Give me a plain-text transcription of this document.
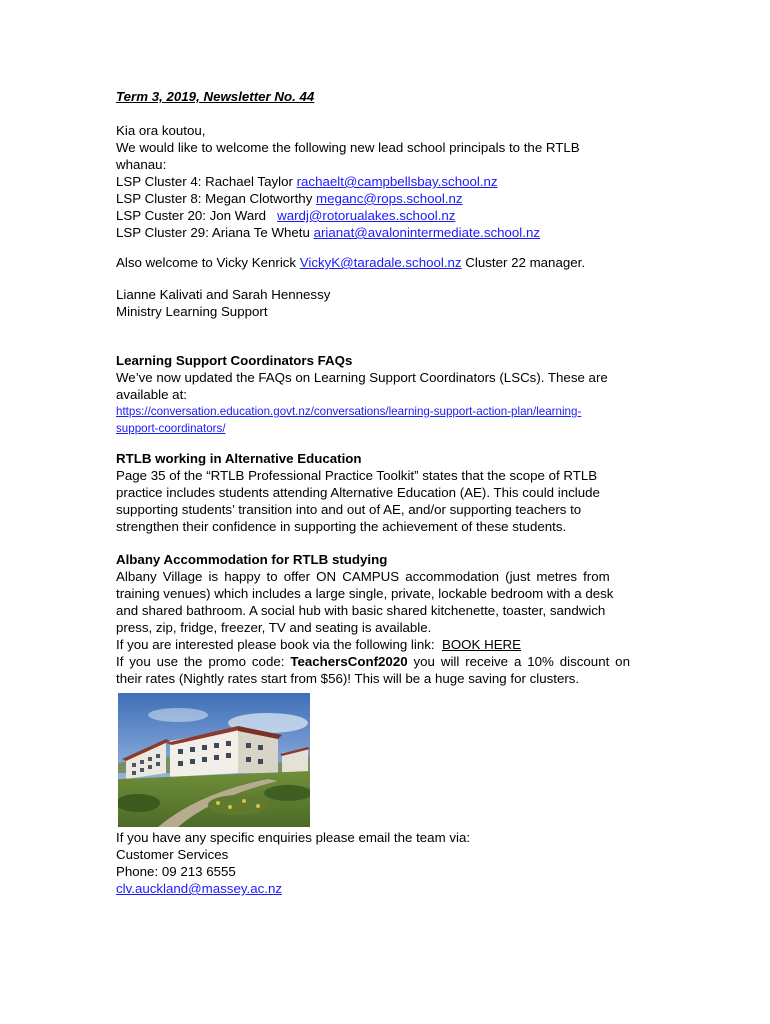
Term 3, 2019, Newsletter No. 44
Kia ora koutou,
We would like to welcome the following new lead school principals to the RTLB
whanau:
LSP Cluster 4: Rachael Taylor rachaelt@campbellsbay.school.nz
LSP Cluster 8: Megan Clotworthy meganc@rops.school.nz
LSP Custer 20: Jon Ward   wardj@rotorualakes.school.nz
LSP Cluster 29: Ariana Te Whetu arianat@avalonintermediate.school.nz
Also welcome to Vicky Kenrick VickyK@taradale.school.nz Cluster 22 manager.
Lianne Kalivati and Sarah Hennessy
Ministry Learning Support
Learning Support Coordinators FAQs
We’ve now updated the FAQs on Learning Support Coordinators (LSCs). These are
available at:
https://conversation.education.govt.nz/conversations/learning-support-action-plan/learning-
support-coordinators/
RTLB working in Alternative Education
Page 35 of the “RTLB Professional Practice Toolkit” states that the scope of RTLB
practice includes students attending Alternative Education (AE). This could include
supporting students’ transition into and out of AE, and/or supporting teachers to
strengthen their confidence in supporting the achievement of these students.
Albany Accommodation for RTLB studying
Albany Village is happy to offer ON CAMPUS accommodation (just metres from
training venues) which includes a large single, private, lockable bedroom with a desk
and shared bathroom. A social hub with basic shared kitchenette, toaster, sandwich
press, zip, fridge, freezer, TV and seating is available.
If you are interested please book via the following link:  BOOK HERE
If you use the promo code: TeachersConf2020 you will receive a 10% discount on
their rates (Nightly rates start from $56)! This will be a huge saving for clusters.
If you have any specific enquiries please email the team via:
Customer Services
Phone: 09 213 6555
clv.auckland@massey.ac.nz
